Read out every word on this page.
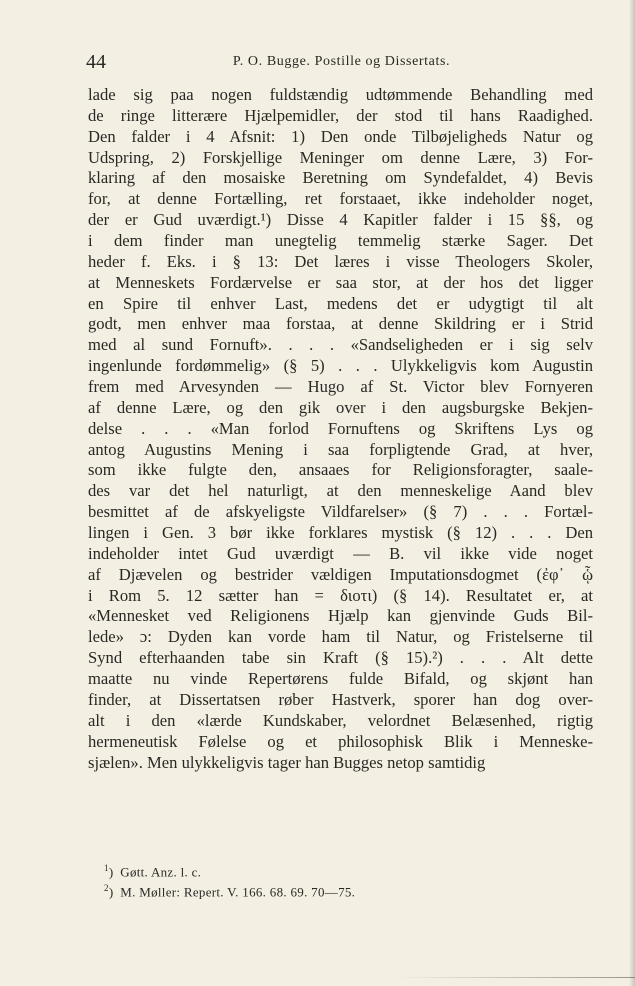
44	P. O. Bugge. Postille og Dissertats.
lade sig paa nogen fuldstændig udtømmende Behandling med
de ringe litterære Hjælpemidler, der stod til hans Raadighed.
Den falder i 4 Afsnit: 1) Den onde Tilbøjeligheds Natur og
Udspring, 2) Forskjellige Meninger om denne Lære, 3) For-
klaring af den mosaiske Beretning om Syndefaldet, 4) Bevis
for, at denne Fortælling, ret forstaaet, ikke indeholder noget,
der er Gud uværdigt.¹) Disse 4 Kapitler falder i 15 §§, og
i dem finder man unegtelig temmelig stærke Sager. Det
heder f. Eks. i § 13: Det læres i visse Theologers Skoler,
at Menneskets Fordærvelse er saa stor, at der hos det ligger
en Spire til enhver Last, medens det er udygtigt til alt
godt, men enhver maa forstaa, at denne Skildring er i Strid
med al sund Fornuft». . . . «Sandseligheden er i sig selv
ingenlunde fordømmelig» (§ 5) . . . Ulykkeligvis kom Augustin
frem med Arvesynden — Hugo af St. Victor blev Fornyeren
af denne Lære, og den gik over i den augsburgske Bekjen-
delse . . . «Man forlod Fornuftens og Skriftens Lys og
antog Augustins Mening i saa forpligtende Grad, at hver,
som ikke fulgte den, ansaaes for Religionsforagter, saale-
des var det hel naturligt, at den menneskelige Aand blev
besmittet af de afskyeligste Vildfarelser» (§ 7) . . . Fortæl-
lingen i Gen. 3 bør ikke forklares mystisk (§ 12) . . . Den
indeholder intet Gud uværdigt — B. vil ikke vide noget
af Djævelen og bestrider vældigen Imputationsdogmet (ἐφ᾽ ᾧ
i Rom 5. 12 sætter han = διοτι) (§ 14). Resultatet er, at
«Mennesket ved Religionens Hjælp kan gjenvinde Guds Bil-
lede» ɔ: Dyden kan vorde ham til Natur, og Fristelserne til
Synd efterhaanden tabe sin Kraft (§ 15).²) . . . Alt dette
maatte nu vinde Repertørens fulde Bifald, og skjønt han
finder, at Dissertatsen røber Hastverk, sporer han dog over-
alt i den «lærde Kundskaber, velordnet Belæsenhed, rigtig
hermeneutisk Følelse og et philosophisk Blik i Menneske-
sjælen». Men ulykkeligvis tager han Bugges netop samtidig
$^1$) Gøtt. Anz. l. c.
$^2$) M. Møller: Repert. V. 166. 68. 69. 70—75.
